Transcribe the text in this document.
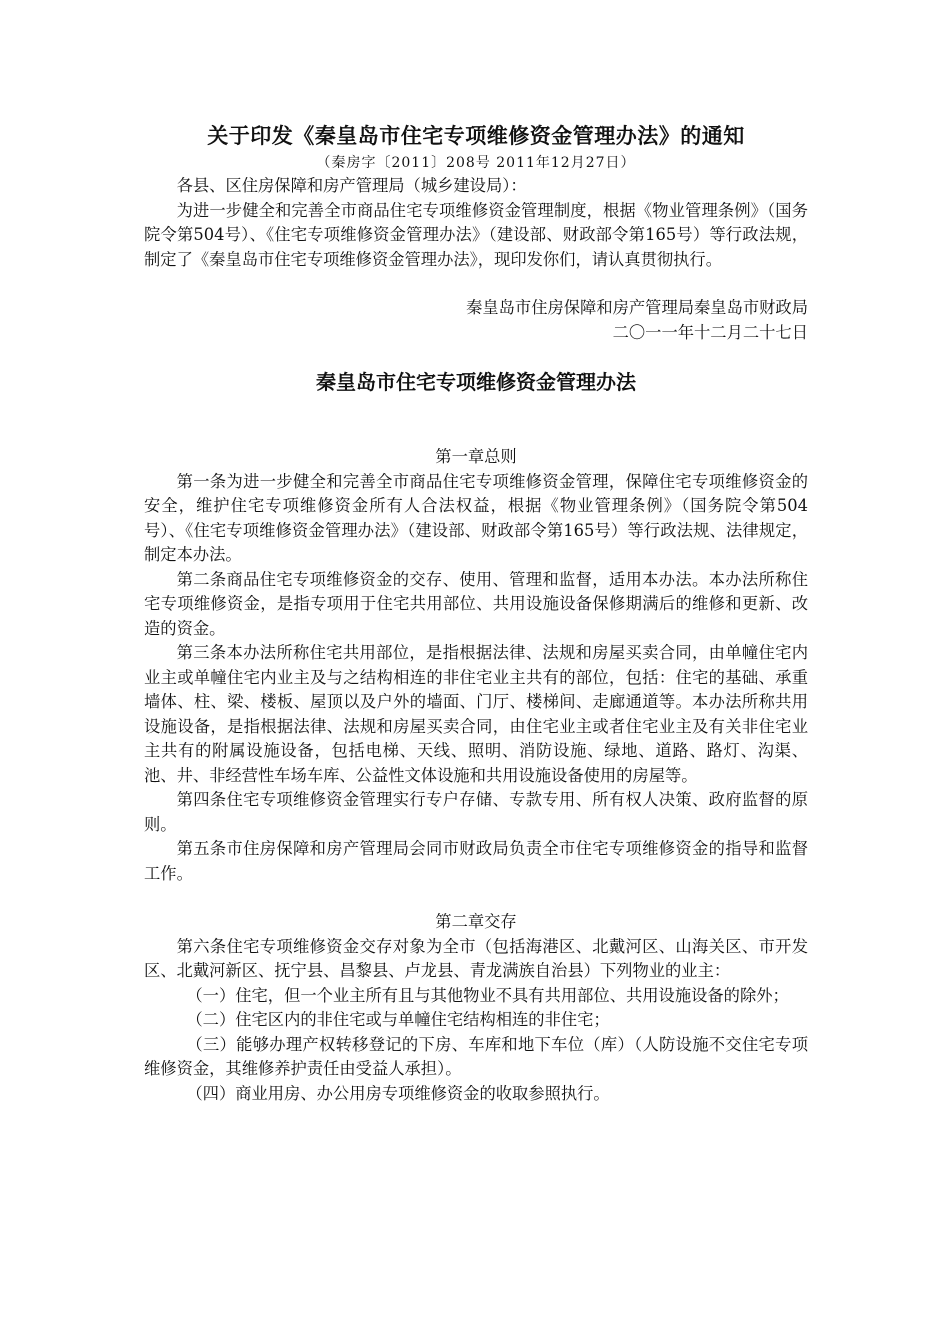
关于印发《秦皇岛市住宅专项维修资金管理办法》的通知
（秦房字〔2011〕208号 2011年12月27日）

各县、区住房保障和房产管理局（城乡建设局）：

为进一步健全和完善全市商品住宅专项维修资金管理制度，根据《物业管理条例》（国务院令第504号）、《住宅专项维修资金管理办法》（建设部、财政部令第165号）等行政法规，制定了《秦皇岛市住宅专项维修资金管理办法》，现印发你们，请认真贯彻执行。

秦皇岛市住房保障和房产管理局秦皇岛市财政局

二〇一一年十二月二十七日

秦皇岛市住宅专项维修资金管理办法

第一章总则

第一条为进一步健全和完善全市商品住宅专项维修资金管理，保障住宅专项维修资金的安全，维护住宅专项维修资金所有人合法权益，根据《物业管理条例》（国务院令第504号）、《住宅专项维修资金管理办法》（建设部、财政部令第165号）等行政法规、法律规定，制定本办法。

第二条商品住宅专项维修资金的交存、使用、管理和监督，适用本办法。本办法所称住宅专项维修资金，是指专项用于住宅共用部位、共用设施设备保修期满后的维修和更新、改造的资金。

第三条本办法所称住宅共用部位，是指根据法律、法规和房屋买卖合同，由单幢住宅内业主或单幢住宅内业主及与之结构相连的非住宅业主共有的部位，包括：住宅的基础、承重墙体、柱、梁、楼板、屋顶以及户外的墙面、门厅、楼梯间、走廊通道等。本办法所称共用设施设备，是指根据法律、法规和房屋买卖合同，由住宅业主或者住宅业主及有关非住宅业主共有的附属设施设备，包括电梯、天线、照明、消防设施、绿地、道路、路灯、沟渠、池、井、非经营性车场车库、公益性文体设施和共用设施设备使用的房屋等。

第四条住宅专项维修资金管理实行专户存储、专款专用、所有权人决策、政府监督的原则。

第五条市住房保障和房产管理局会同市财政局负责全市住宅专项维修资金的指导和监督工作。

第二章交存

第六条住宅专项维修资金交存对象为全市（包括海港区、北戴河区、山海关区、市开发区、北戴河新区、抚宁县、昌黎县、卢龙县、青龙满族自治县）下列物业的业主：

（一）住宅，但一个业主所有且与其他物业不具有共用部位、共用设施设备的除外；

（二）住宅区内的非住宅或与单幢住宅结构相连的非住宅；

（三）能够办理产权转移登记的下房、车库和地下车位（库）（人防设施不交住宅专项维修资金，其维修养护责任由受益人承担）。

（四）商业用房、办公用房专项维修资金的收取参照执行。
